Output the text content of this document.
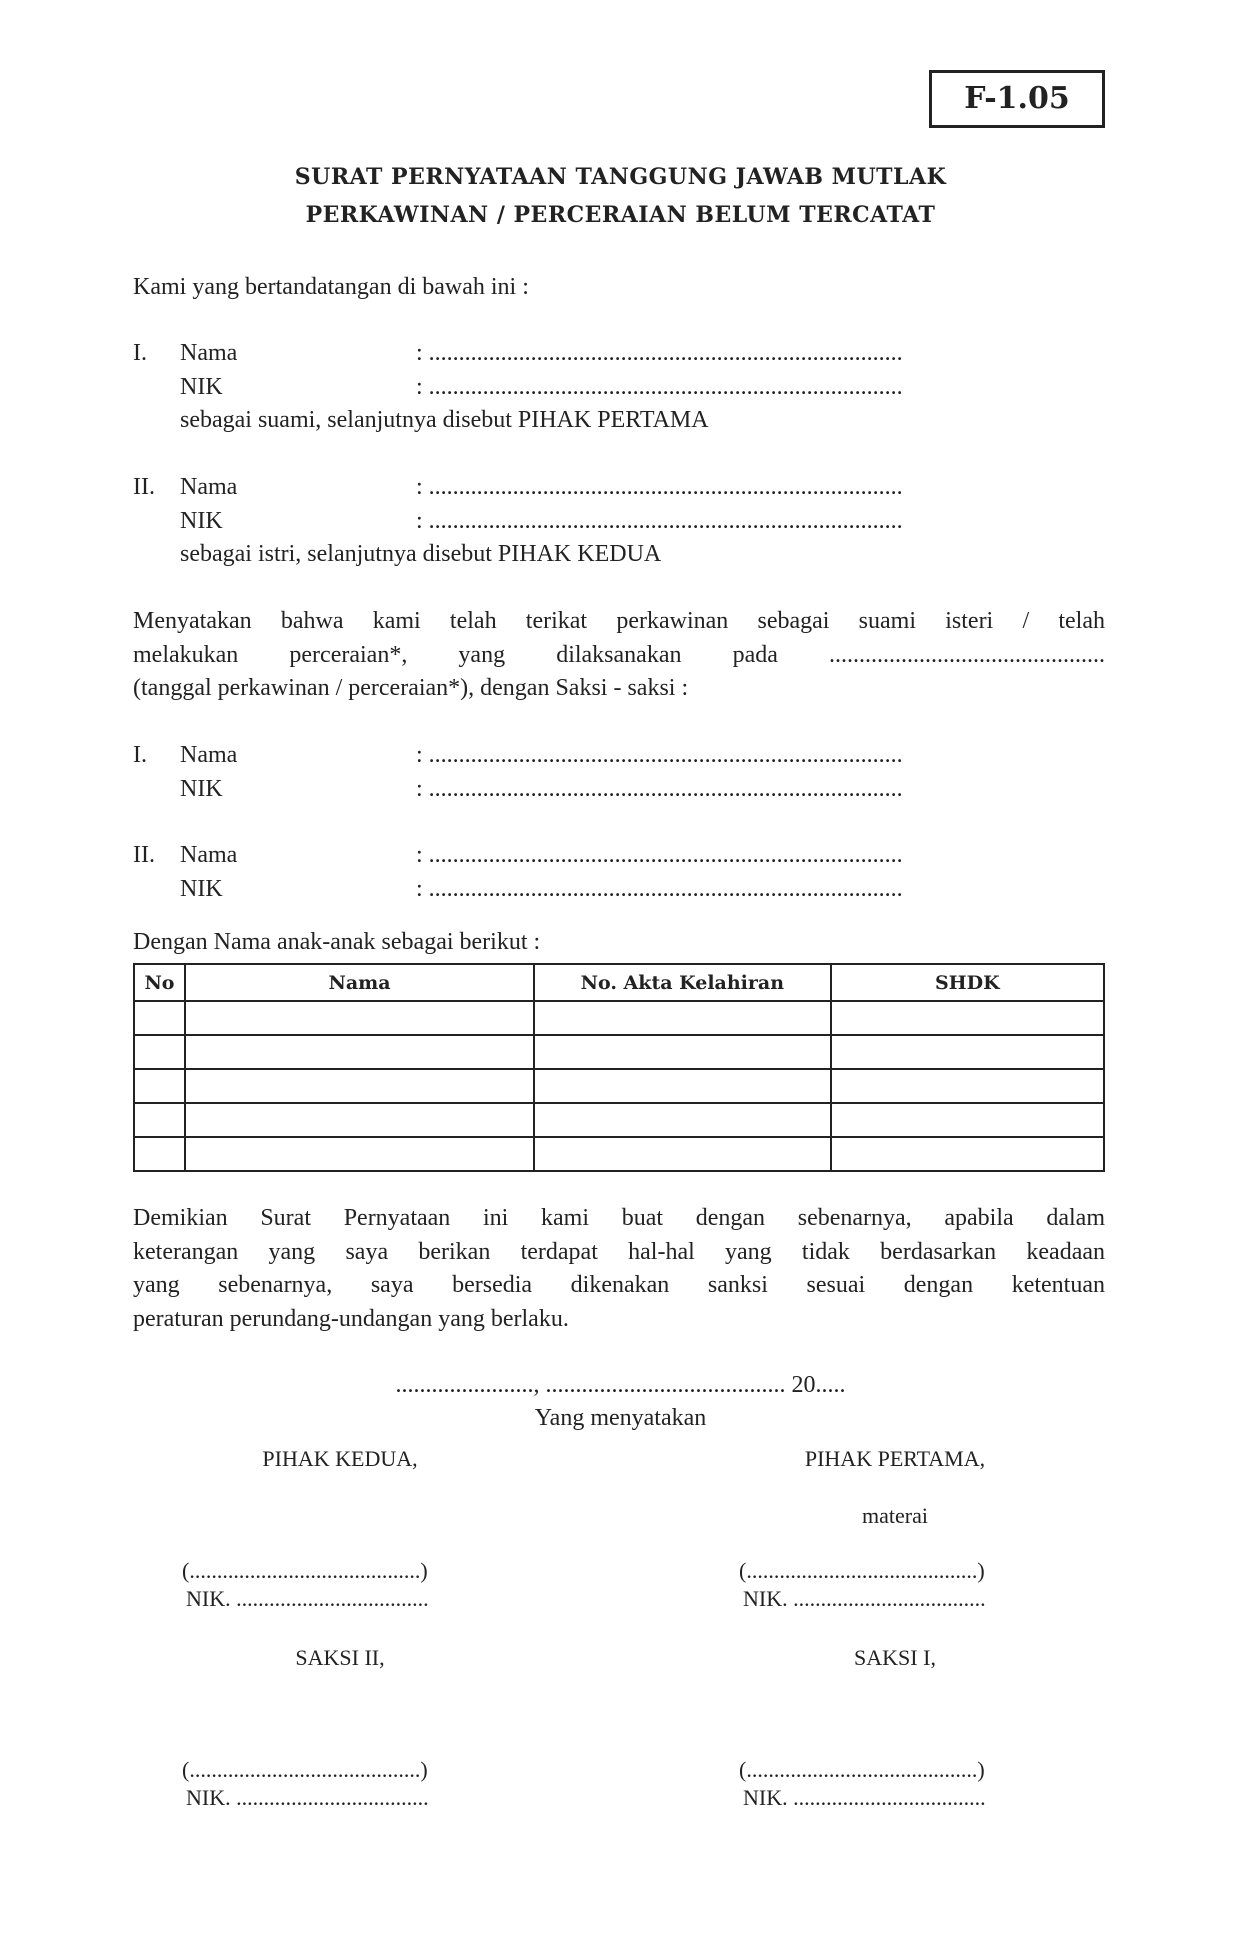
F-1.05
SURAT PERNYATAAN TANGGUNG JAWAB MUTLAK
PERKAWINAN / PERCERAIAN BELUM TERCATAT
Kami yang bertandatangan di bawah ini :
I. Nama	: ...............................................................................
NIK	: ...............................................................................
sebagai suami, selanjutnya disebut PIHAK PERTAMA
II. Nama	: ...............................................................................
NIK	: ...............................................................................
sebagai istri, selanjutnya disebut PIHAK KEDUA
Menyatakan bahwa kami telah terikat perkawinan sebagai suami isteri / telah
melakukan perceraian*, yang dilaksanakan pada ..............................................
(tanggal perkawinan / perceraian*), dengan Saksi - saksi :
I. Nama	: ...............................................................................
NIK	: ...............................................................................
II. Nama	: ...............................................................................
NIK	: ...............................................................................
Dengan Nama anak-anak sebagai berikut :
No	Nama	No. Akta Kelahiran	SHDK

Demikian Surat Pernyataan ini kami buat dengan sebenarnya, apabila dalam
keterangan yang saya berikan terdapat hal-hal yang tidak berdasarkan keadaan
yang sebenarnya, saya bersedia dikenakan sanksi sesuai dengan ketentuan
peraturan perundang-undangan yang berlaku.
......................., ........................................ 20.....
Yang menyatakan
PIHAK KEDUA,	PIHAK PERTAMA,
materai
(..........................................)
NIK. ...................................
(..........................................)
NIK. ...................................
SAKSI II,	SAKSI I,
(..........................................)
NIK. ...................................
(..........................................)
NIK. ...................................
